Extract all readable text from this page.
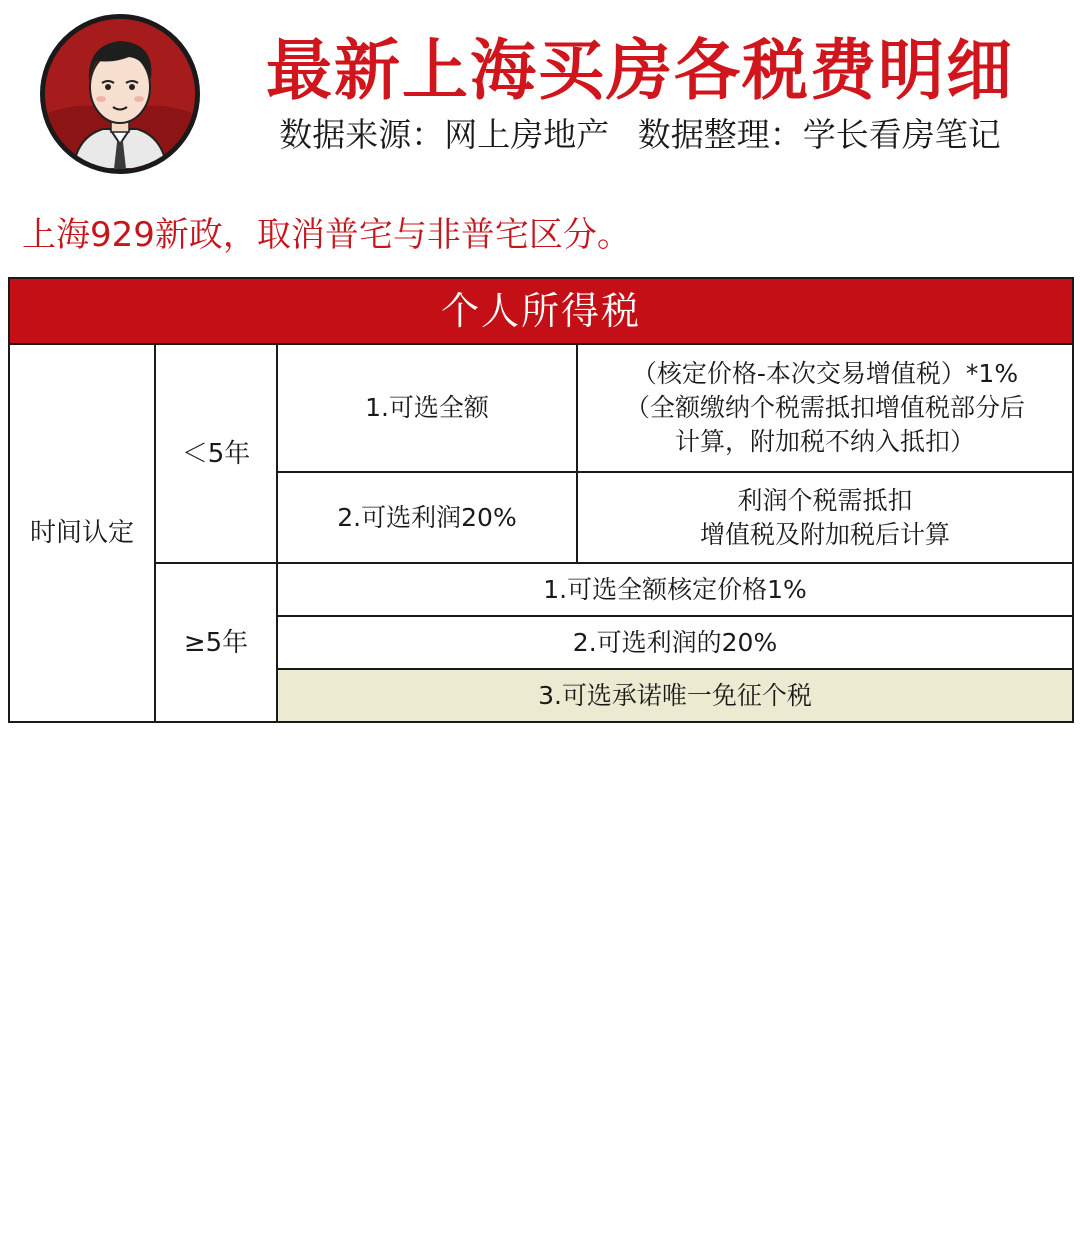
最新上海买房各税费明细
数据来源：网上房地产 数据整理：学长看房笔记
上海929新政，取消普宅与非普宅区分。
个人所得税			
时间认定	＜5年	1.可选全额	（核定价格-本次交易增值税）*1%
（全额缴纳个税需抵扣增值税部分后
计算，附加税不纳入抵扣）

		2.可选利润20%	利润个税需抵扣
增值税及附加税后计算

	≥5年	1.可选全额核定价格1%	
		2.可选利润的20%	
		3.可选承诺唯一免征个税	
